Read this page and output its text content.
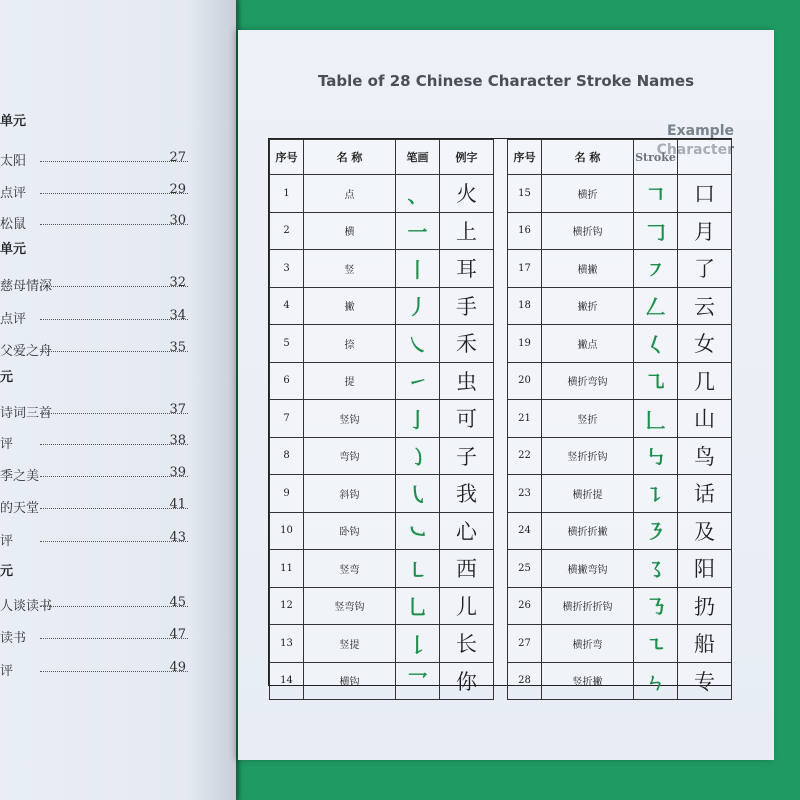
单元
太阳	27
点评	29
松鼠	30
单元
慈母情深	32
点评	34
父爱之舟	35
元
诗词三首	37
评	38
季之美	39
的天堂	41
评	43
元
人谈读书	45
读书	47
评	49
Table of 28 Chinese Character Stroke Names
Example
Character
序号	名 称	笔画	例字
1	点	、	火
2	横	一	上
3	竖	丨	耳
4	撇	丿	手
5	捺	㇏	禾
6	提	㇀	虫
7	竖钩	亅	可
8	弯钩	㇁	子
9	斜钩	㇂	我
10	卧钩	㇃	心
11	竖弯	㇄	西
12	竖弯钩	乚	儿
13	竖提	𠄌	长
14	横钩	乛	你
序号	名 称	Stroke	
15	横折	𠃍	口
16	横折钩	𠃌	月
17	横撇	㇇	了
18	撇折	𠃋	云
19	撇点	𡿨	女
20	横折弯钩	㇈	几
21	竖折	𠃊	山
22	竖折折钩	㇉	鸟
23	横折提	㇊	话
24	横折折撇	㇋	及
25	横撇弯钩	㇌	阳
26	横折折折钩	㇡	扔
27	横折弯	㇍	船
28	竖折撇	ㄣ	专
